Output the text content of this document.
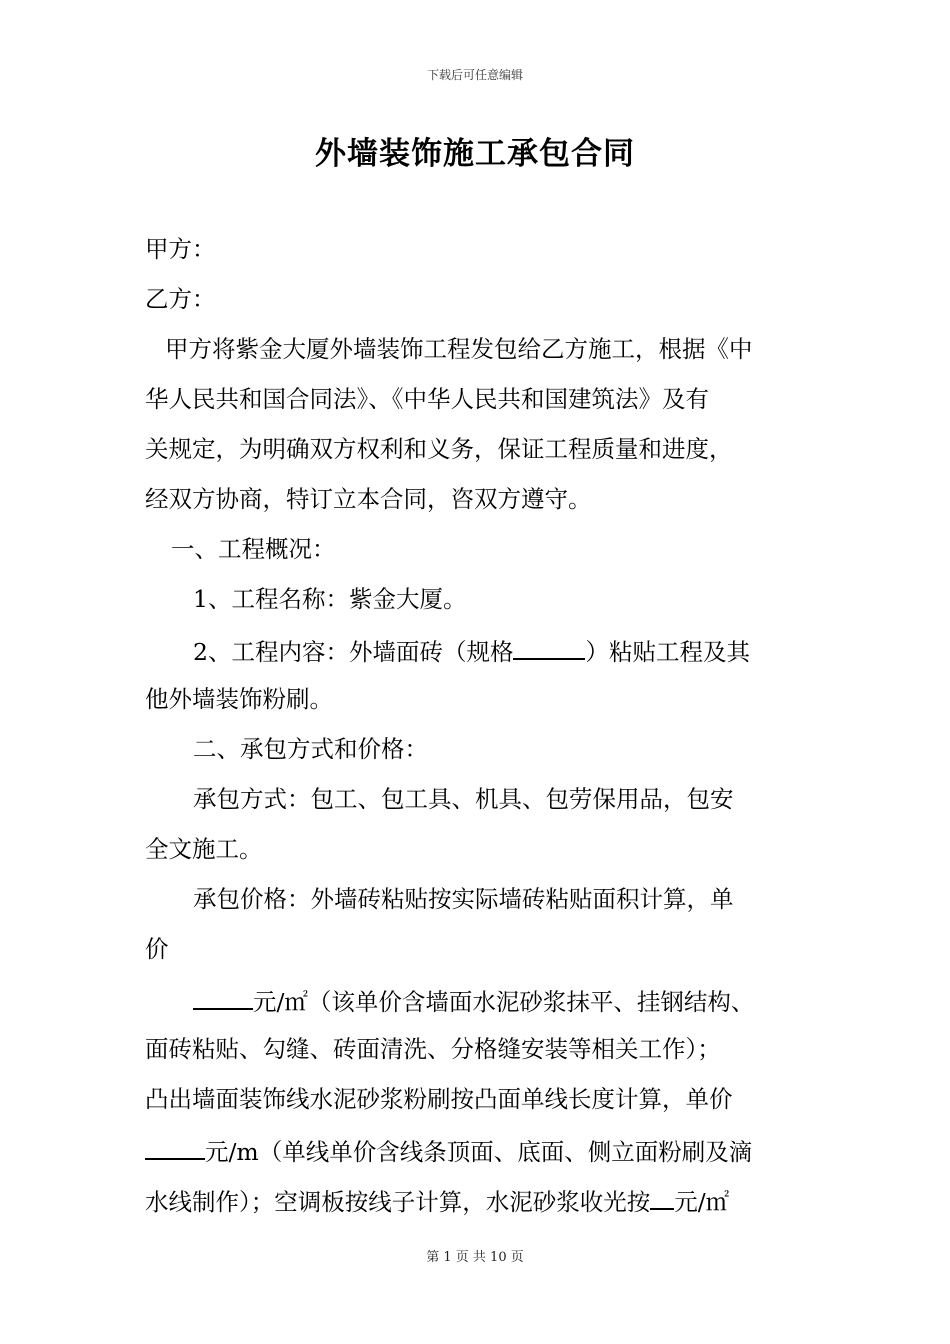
下载后可任意编辑
外墙装饰施工承包合同
甲方：
乙方：
甲方将紫金大厦外墙装饰工程发包给乙方施工，根据《中
华人民共和国合同法》、《中华人民共和国建筑法》及有
关规定，为明确双方权利和义务，保证工程质量和进度，
经双方协商，特订立本合同，咨双方遵守。
一、工程概况：
1、工程名称：紫金大厦。
2、工程内容：外墙面砖（规格	）粘贴工程及其
他外墙装饰粉刷。
二、承包方式和价格：
承包方式：包工、包工具、机具、包劳保用品，包安
全文施工。
承包价格：外墙砖粘贴按实际墙砖粘贴面积计算，单
价
元/㎡（该单价含墙面水泥砂浆抹平、挂钢结构、
面砖粘贴、勾缝、砖面清洗、分格缝安装等相关工作）；
凸出墙面装饰线水泥砂浆粉刷按凸面单线长度计算，单价
元/m（单线单价含线条顶面、底面、侧立面粉刷及滴
水线制作）；空调板按线子计算，水泥砂浆收光按 元/㎡
第 1 页 共 10 页
